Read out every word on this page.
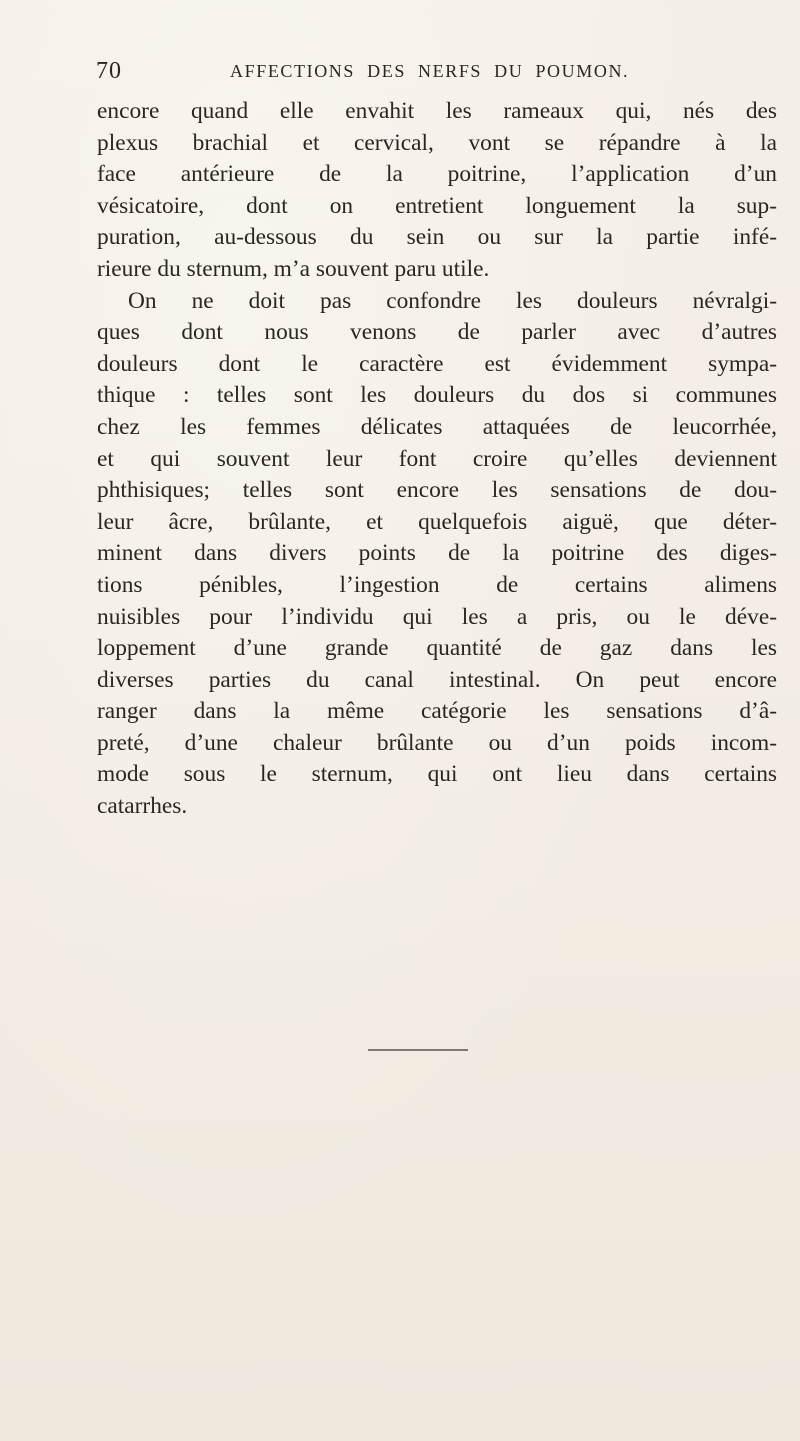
70	AFFECTIONS DES NERFS DU POUMON.
encore quand elle envahit les rameaux qui, nés des
plexus brachial et cervical, vont se répandre à la
face antérieure de la poitrine, l’application d’un
vésicatoire, dont on entretient longuement la sup-
puration, au-dessous du sein ou sur la partie infé-
rieure du sternum, m’a souvent paru utile.
On ne doit pas confondre les douleurs névralgi-
ques dont nous venons de parler avec d’autres
douleurs dont le caractère est évidemment sympa-
thique : telles sont les douleurs du dos si communes
chez les femmes délicates attaquées de leucorrhée,
et qui souvent leur font croire qu’elles deviennent
phthisiques; telles sont encore les sensations de dou-
leur âcre, brûlante, et quelquefois aiguë, que déter-
minent dans divers points de la poitrine des diges-
tions pénibles, l’ingestion de certains alimens
nuisibles pour l’individu qui les a pris, ou le déve-
loppement d’une grande quantité de gaz dans les
diverses parties du canal intestinal. On peut encore
ranger dans la même catégorie les sensations d’â-
preté, d’une chaleur brûlante ou d’un poids incom-
mode sous le sternum, qui ont lieu dans certains
catarrhes.
